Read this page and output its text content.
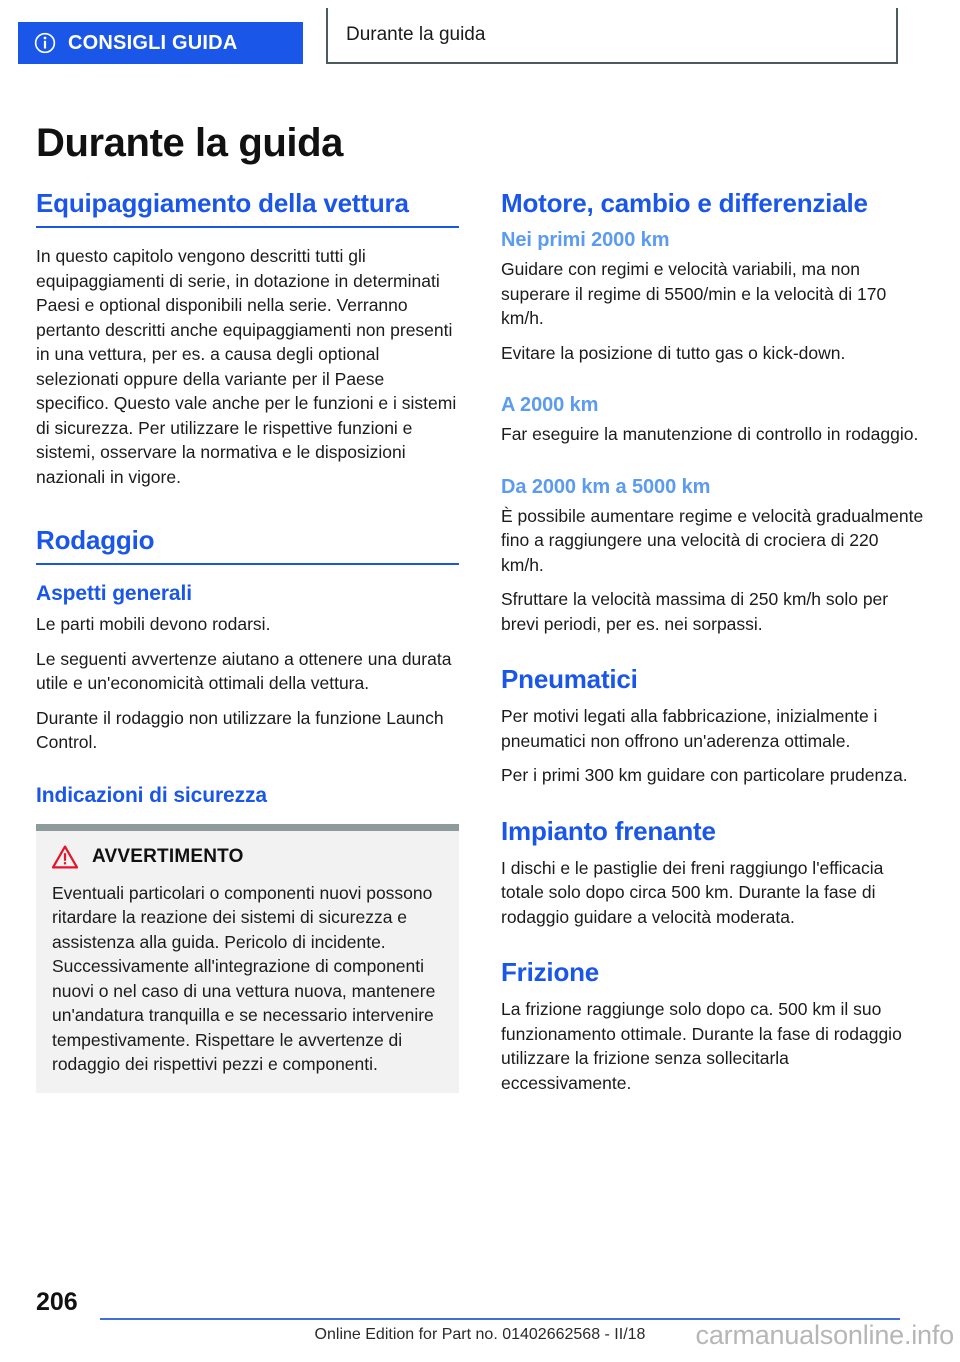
CONSIGLI GUIDA	Durante la guida
Durante la guida
Equipaggiamento della vettura

In questo capitolo vengono descritti tutti gli equipaggiamenti di serie, in dotazione in determinati Paesi e optional disponibili nella serie. Verranno pertanto descritti anche equipaggiamenti non presenti in una vettura, per es. a causa degli optional selezionati oppure della variante per il Paese specifico. Questo vale anche per le funzioni e i sistemi di sicurezza. Per utilizzare le rispettive funzioni e sistemi, osservare la normativa e le disposizioni nazionali in vigore.

Rodaggio
Aspetti generali

Le parti mobili devono rodarsi.

Le seguenti avvertenze aiutano a ottenere una durata utile e un'economicità ottimali della vettura.

Durante il rodaggio non utilizzare la funzione Launch Control.

Indicazioni di sicurezza
AVVERTIMENTO

Eventuali particolari o componenti nuovi possono ritardare la reazione dei sistemi di sicurezza e assistenza alla guida. Pericolo di incidente. Successivamente all'integrazione di componenti nuovi o nel caso di una vettura nuova, mantenere un'andatura tranquilla e se necessario intervenire tempestivamente. Rispettare le avvertenze di rodaggio dei rispettivi pezzi e componenti.

Motore, cambio e differenziale
Nei primi 2000 km

Guidare con regimi e velocità variabili, ma non superare il regime di 5500/min e la velocità di 170 km/h.

Evitare la posizione di tutto gas o kick-down.

A 2000 km

Far eseguire la manutenzione di controllo in rodaggio.

Da 2000 km a 5000 km

È possibile aumentare regime e velocità gradualmente fino a raggiungere una velocità di crociera di 220 km/h.

Sfruttare la velocità massima di 250 km/h solo per brevi periodi, per es. nei sorpassi.

Pneumatici

Per motivi legati alla fabbricazione, inizialmente i pneumatici non offrono un'aderenza ottimale.

Per i primi 300 km guidare con particolare prudenza.

Impianto frenante

I dischi e le pastiglie dei freni raggiungo l'efficacia totale solo dopo circa 500 km. Durante la fase di rodaggio guidare a velocità moderata.

Frizione

La frizione raggiunge solo dopo ca. 500 km il suo funzionamento ottimale. Durante la fase di rodaggio utilizzare la frizione senza sollecitarla eccessivamente.

206
Online Edition for Part no. 01402662568 - II/18	carmanualsonline.info
